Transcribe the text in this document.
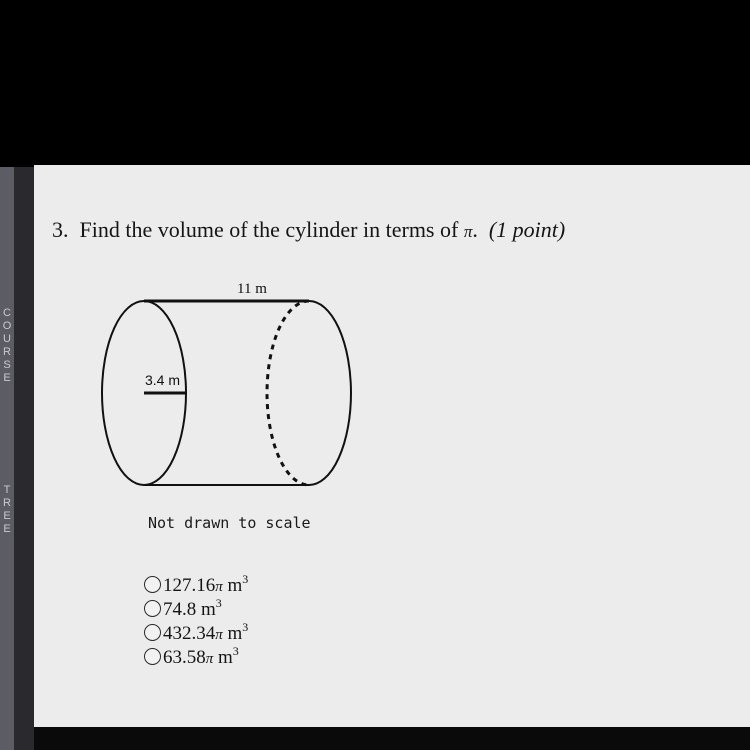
C
O
U
R
S
E
T
R
E
E
3. Find the volume of the cylinder in terms of π. (1 point)
11 m
3.4 m
Not drawn to scale
127.16π $m^3$
74.8 $m^3$
432.34π $m^3$
63.58π $m^3$
